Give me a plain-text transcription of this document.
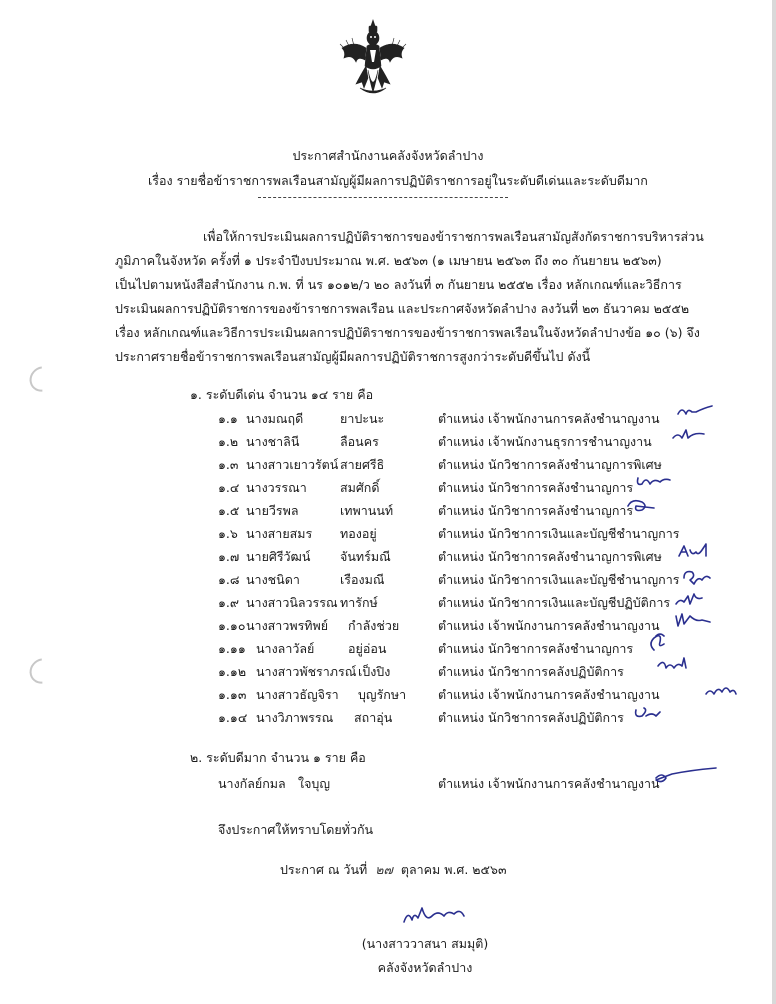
ประกาศสำนักงานคลังจังหวัดลำปาง
เรื่อง รายชื่อข้าราชการพลเรือนสามัญผู้มีผลการปฏิบัติราชการอยู่ในระดับดีเด่นและระดับดีมาก
เพื่อให้การประเมินผลการปฏิบัติราชการของข้าราชการพลเรือนสามัญสังกัดราชการบริหารส่วน
ภูมิภาคในจังหวัด ครั้งที่ ๑ ประจำปีงบประมาณ พ.ศ. ๒๕๖๓ (๑ เมษายน ๒๕๖๓ ถึง ๓๐ กันยายน ๒๕๖๓)
เป็นไปตามหนังสือสำนักงาน ก.พ. ที่ นร ๑๐๑๒/ว ๒๐ ลงวันที่ ๓ กันยายน ๒๕๕๒ เรื่อง หลักเกณฑ์และวิธีการ
ประเมินผลการปฏิบัติราชการของข้าราชการพลเรือน และประกาศจังหวัดลำปาง ลงวันที่ ๒๓ ธันวาคม ๒๕๕๒
เรื่อง หลักเกณฑ์และวิธีการประเมินผลการปฏิบัติราชการของข้าราชการพลเรือนในจังหวัดลำปางข้อ ๑๐ (๖) จึง
ประกาศรายชื่อข้าราชการพลเรือนสามัญผู้มีผลการปฏิบัติราชการสูงกว่าระดับดีขึ้นไป ดังนี้
๑. ระดับดีเด่น จำนวน ๑๔ ราย คือ
๑.๑ นางมณฤดี	ยาปะนะ	ตำแหน่ง เจ้าพนักงานการคลังชำนาญงาน
๑.๒ นางชาลินี	ลือนคร	ตำแหน่ง เจ้าพนักงานธุรการชำนาญงาน
๑.๓ นางสาวเยาวรัตน์ สายศรีธิ	ตำแหน่ง นักวิชาการคลังชำนาญการพิเศษ
๑.๔ นางวรรณา	สมศักดิ์	ตำแหน่ง นักวิชาการคลังชำนาญการ
๑.๕ นายวีรพล	เทพานนท์	ตำแหน่ง นักวิชาการคลังชำนาญการ
๑.๖ นางสายสมร ทองอยู่	ตำแหน่ง นักวิชาการเงินและบัญชีชำนาญการ
๑.๗ นายศิรีวัฒน์ จันทร์มณี	ตำแหน่ง นักวิชาการคลังชำนาญการพิเศษ
๑.๘ นางชนิดา	เรืองมณี	ตำแหน่ง นักวิชาการเงินและบัญชีชำนาญการ
๑.๙ นางสาวนิลวรรณ ทารักษ์	ตำแหน่ง นักวิชาการเงินและบัญชีปฏิบัติการ
๑.๑๐ นางสาวพรทิพย์ กำลังช่วย	ตำแหน่ง เจ้าพนักงานการคลังชำนาญงาน
๑.๑๑ นางลาวัลย์	อยู่อ่อน	ตำแหน่ง นักวิชาการคลังชำนาญการ
๑.๑๒ นางสาวพัชราภรณ์ เป็งปิง	ตำแหน่ง นักวิชาการคลังปฏิบัติการ
๑.๑๓ นางสาวธัญจิรา บุญรักษา	ตำแหน่ง เจ้าพนักงานการคลังชำนาญงาน
๑.๑๔ นางวิภาพรรณ สถาอุ่น	ตำแหน่ง นักวิชาการคลังปฏิบัติการ
๒. ระดับดีมาก จำนวน ๑ ราย คือ
นางกัลย์กมล ใจบุญ	ตำแหน่ง เจ้าพนักงานการคลังชำนาญงาน
จึงประกาศให้ทราบโดยทั่วกัน
ประกาศ ณ วันที่ ๒๗ ตุลาคม พ.ศ. ๒๕๖๓
(นางสาววาสนา สมมุติ)
คลังจังหวัดลำปาง
